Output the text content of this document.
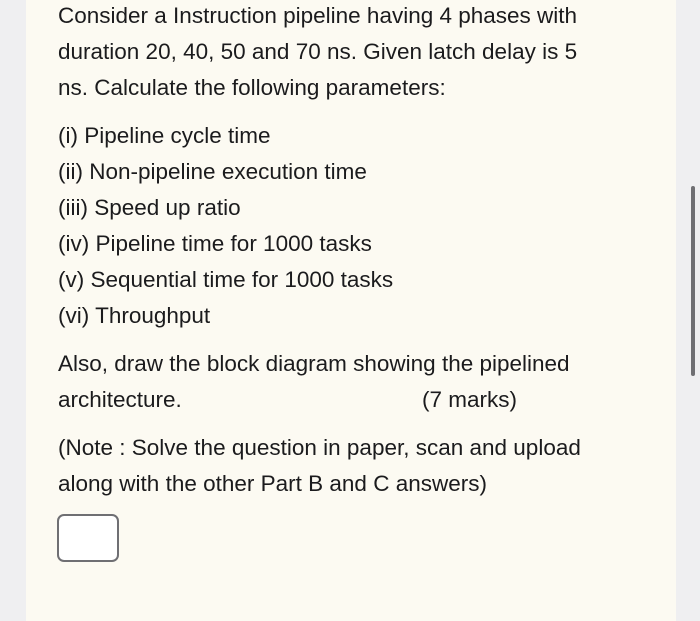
Consider a Instruction pipeline having 4 phases with
duration 20, 40, 50 and 70 ns. Given latch delay is 5
ns. Calculate the following parameters:
(i) Pipeline cycle time
(ii) Non-pipeline execution time
(iii) Speed up ratio
(iv) Pipeline time for 1000 tasks
(v) Sequential time for 1000 tasks
(vi) Throughput
Also, draw the block diagram showing the pipelined
architecture.	(7 marks)
(Note : Solve the question in paper, scan and upload
along with the other Part B and C answers)
